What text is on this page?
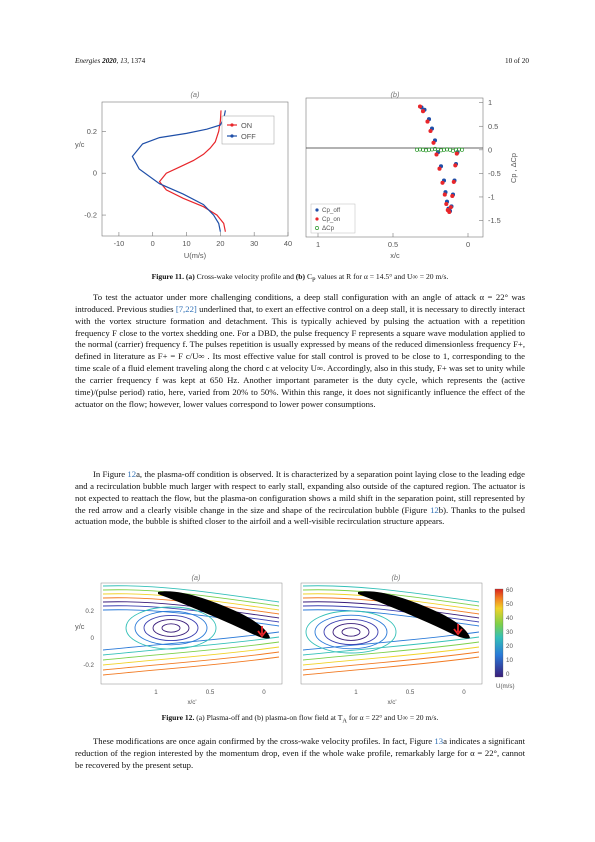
Energies 2020, 13, 1374	10 of 20
(a)
y/c
U(m/s)
-10	0	10	20	30	40
0.2
0
-0.2
ON
OFF
(b)
x/c
Cp , ΔCp
1	0.5	0
1
0.5
0
-0.5
-1
-1.5
Cp_off
Cp_on
ΔCp
(a)
y/c
0.2
0
-0.2
1	0.5	0
x/c'
(b)
1	0.5	0
x/c'
60
50
40
30
20
10
0
U(m/s)
Figure 11. (a) Cross-wake velocity profile and (b) $C_P$ values at R for α = 14.5° and U∞ = 20 m/s.

To test the actuator under more challenging conditions, a deep stall configuration with an angle of attack α = 22° was introduced. Previous studies [7,22] underlined that, to exert an effective control on a deep stall, it is necessary to directly interact with the vortex structure formation and detachment. This is typically achieved by pulsing the actuation with a repetition frequency F close to the vortex shedding one. For a DBD, the pulse frequency F represents a square wave modulation applied to the normal (carrier) frequency f. The pulses repetition is usually expressed by means of the reduced dimensionless frequency F+, defined in literature as F+ = F c/U∞ . Its most effective value for stall control is proved to be close to 1, corresponding to the time scale of a fluid element traveling along the chord c at velocity U∞. Accordingly, also in this study, F+ was set to unity while the carrier frequency f was kept at 650 Hz. Another important parameter is the duty cycle, which represents the (active time)/(pulse period) ratio, here, varied from 20% to 50%. Within this range, it does not significantly influence the effect of the actuator on the flow; however, lower values correspond to lower power consumptions.

In Figure 12a, the plasma-off condition is observed. It is characterized by a separation point laying close to the leading edge and a recirculation bubble much larger with respect to early stall, expanding also outside of the captured region. The actuator is not expected to reattach the flow, but the plasma-on configuration shows a mild shift in the separation point, still represented by the red arrow and a clearly visible change in the size and shape of the recirculation bubble (Figure 12b). Thanks to the pulsed actuation mode, the bubble is shifted closer to the airfoil and a well-visible recirculation structure appears.

Figure 12. (a) Plasma-off and (b) plasma-on flow field at $T_A$ for α = 22° and U∞ = 20 m/s.

These modifications are once again confirmed by the cross-wake velocity profiles. In fact, Figure 13a indicates a significant reduction of the region interested by the momentum drop, even if the whole wake profile, remarkably large for α = 22°, cannot be recovered by the present setup.
